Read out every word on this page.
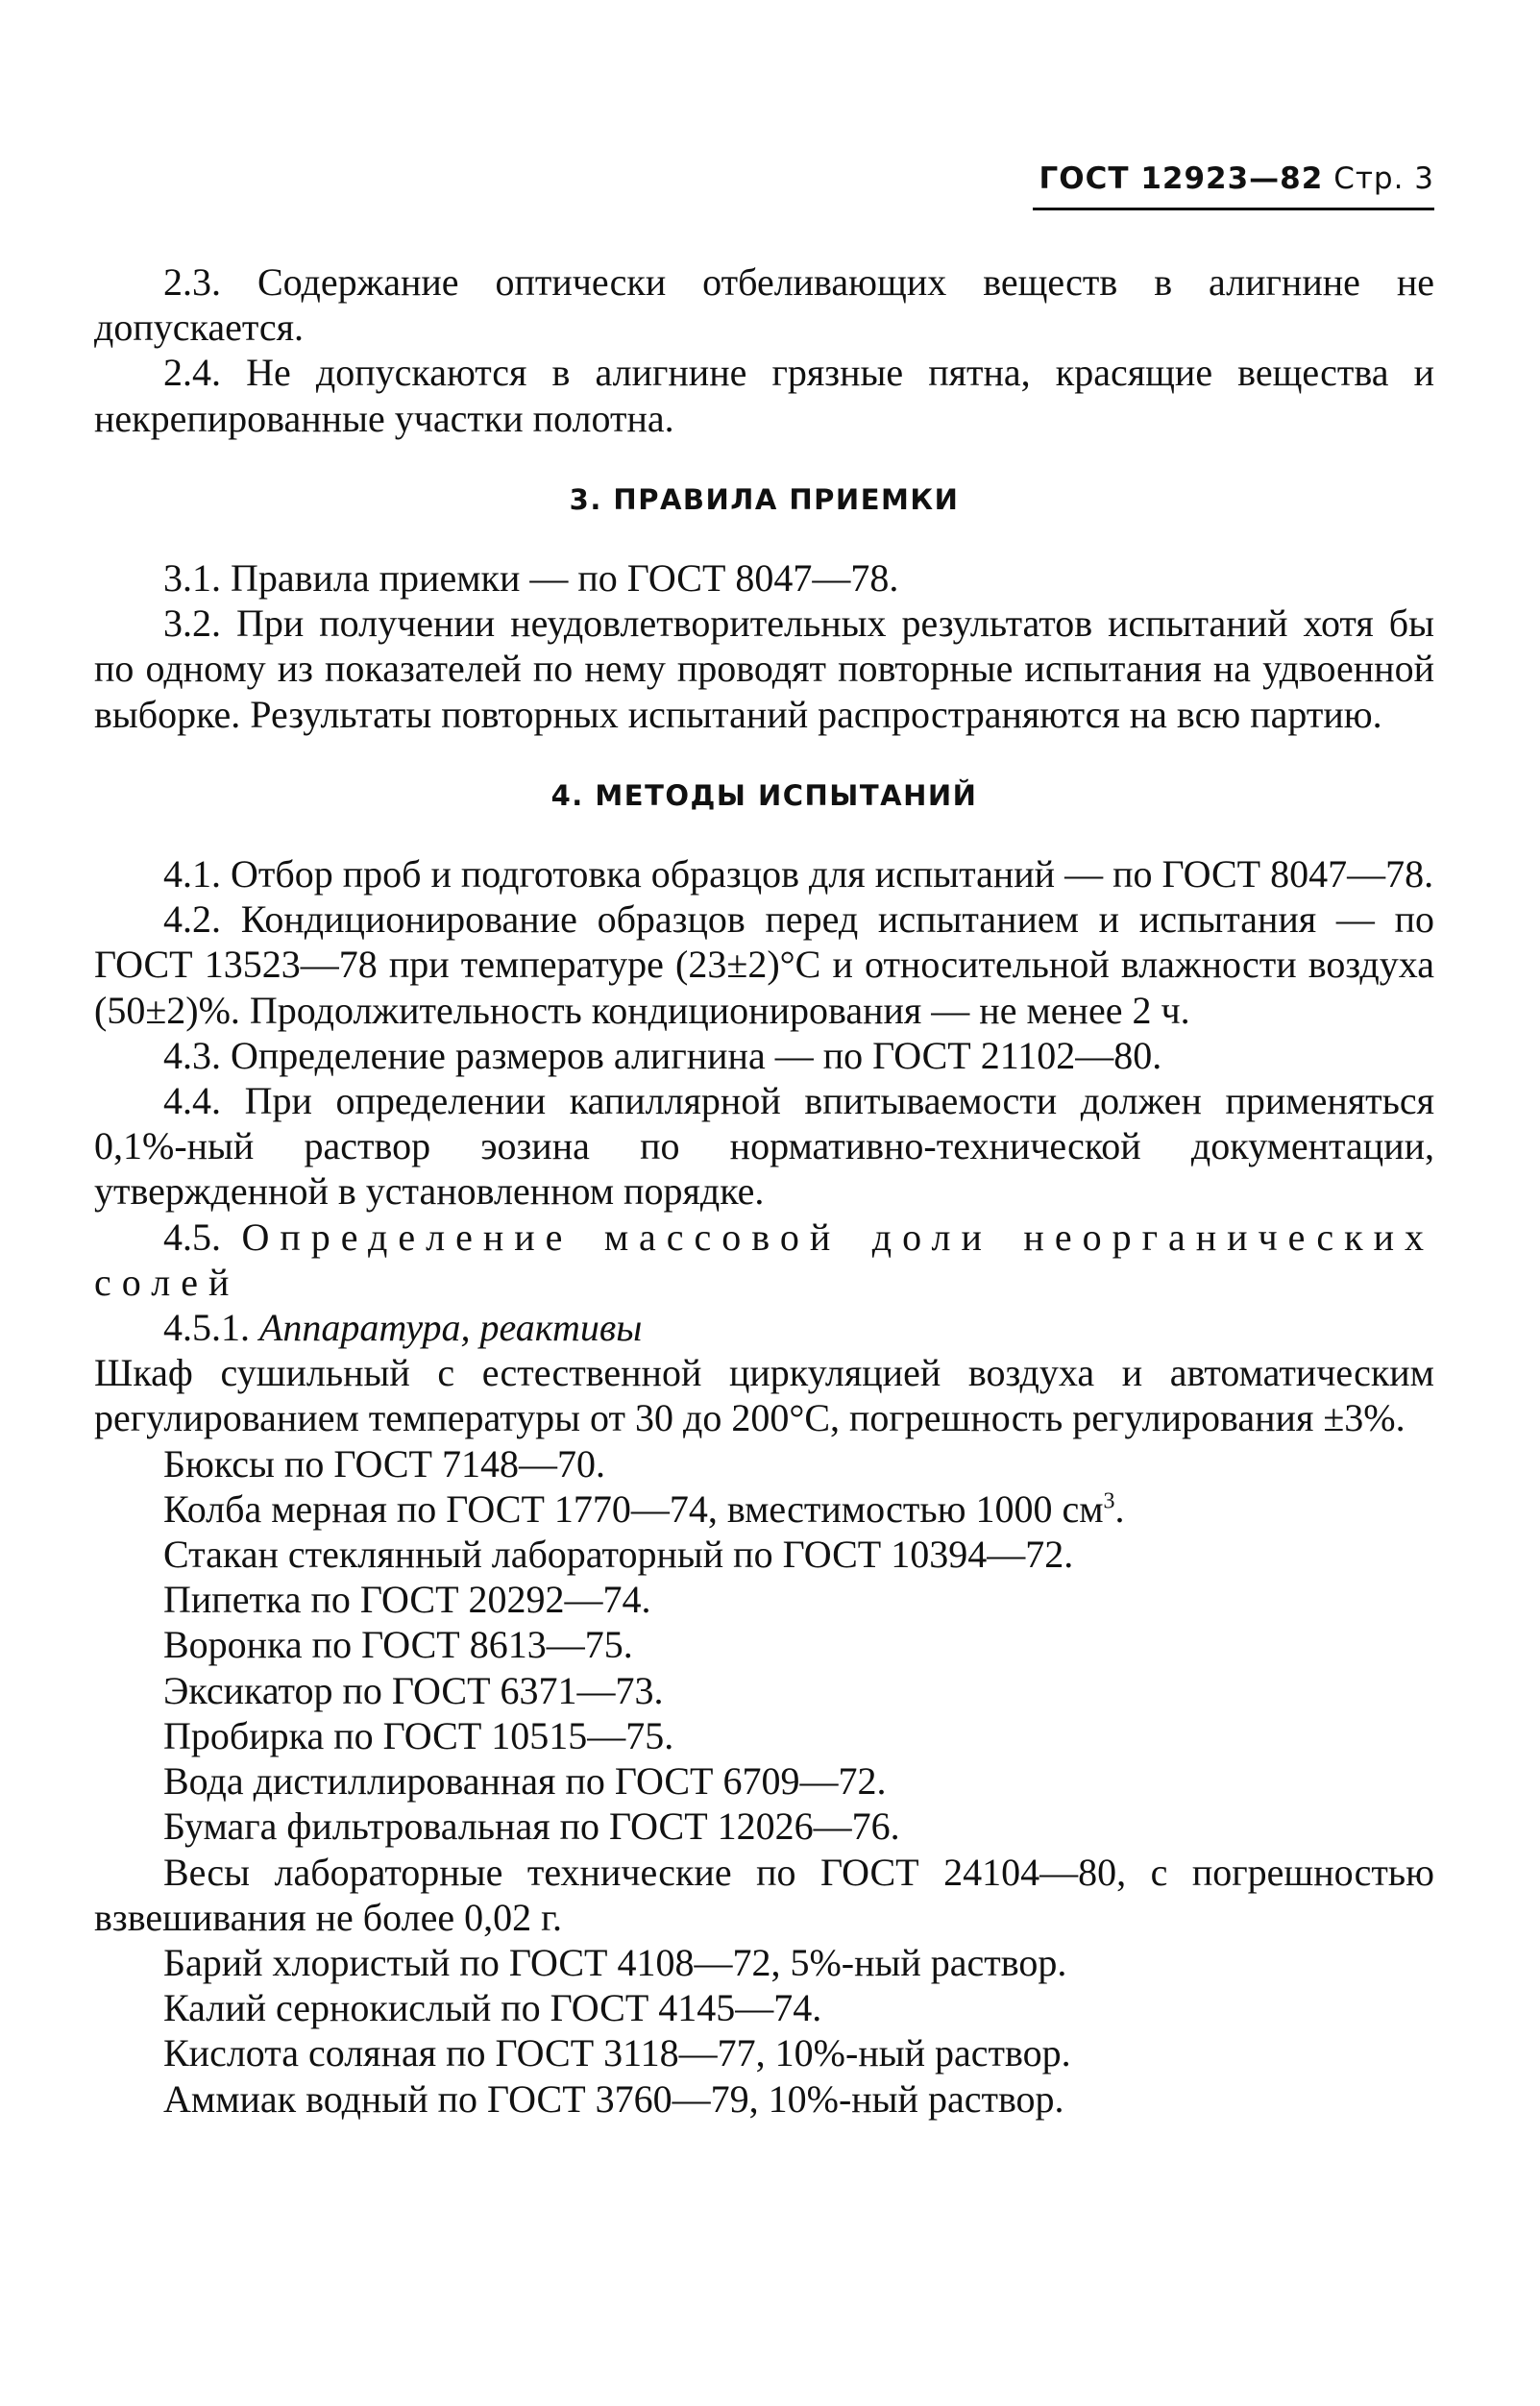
ГОСТ 12923—82 Стр. 3

2.3. Содержание оптически отбеливающих веществ в алигнине не допускается.

2.4. Не допускаются в алигнине грязные пятна, красящие вещества и некрепированные участки полотна.

3. ПРАВИЛА ПРИЕМКИ

3.1. Правила приемки — по ГОСТ 8047—78.

3.2. При получении неудовлетворительных результатов испытаний хотя бы по одному из показателей по нему проводят повторные испытания на удвоенной выборке. Результаты повторных испытаний распространяются на всю партию.

4. МЕТОДЫ ИСПЫТАНИЙ

4.1. Отбор проб и подготовка образцов для испытаний — по ГОСТ 8047—78.

4.2. Кондиционирование образцов перед испытанием и испытания — по ГОСТ 13523—78 при температуре (23±2)°С и относительной влажности воздуха (50±2)%. Продолжительность кондиционирования — не менее 2 ч.

4.3. Определение размеров алигнина — по ГОСТ 21102—80.

4.4. При определении капиллярной впитываемости должен применяться 0,1%-ный раствор эозина по нормативно-технической документации, утвержденной в установленном порядке.

4.5. Определение массовой доли неорганических солей

4.5.1. Аппаратура, реактивы

Шкаф сушильный с естественной циркуляцией воздуха и автоматическим регулированием температуры от 30 до 200°С, погрешность регулирования ±3%.

Бюксы по ГОСТ 7148—70.

Колба мерная по ГОСТ 1770—74, вместимостью 1000 $см^3$.

Стакан стеклянный лабораторный по ГОСТ 10394—72.

Пипетка по ГОСТ 20292—74.

Воронка по ГОСТ 8613—75.

Эксикатор по ГОСТ 6371—73.

Пробирка по ГОСТ 10515—75.

Вода дистиллированная по ГОСТ 6709—72.

Бумага фильтровальная по ГОСТ 12026—76.

Весы лабораторные технические по ГОСТ 24104—80, с погрешностью взвешивания не более 0,02 г.

Барий хлористый по ГОСТ 4108—72, 5%-ный раствор.

Калий сернокислый по ГОСТ 4145—74.

Кислота соляная по ГОСТ 3118—77, 10%-ный раствор.

Аммиак водный по ГОСТ 3760—79, 10%-ный раствор.
